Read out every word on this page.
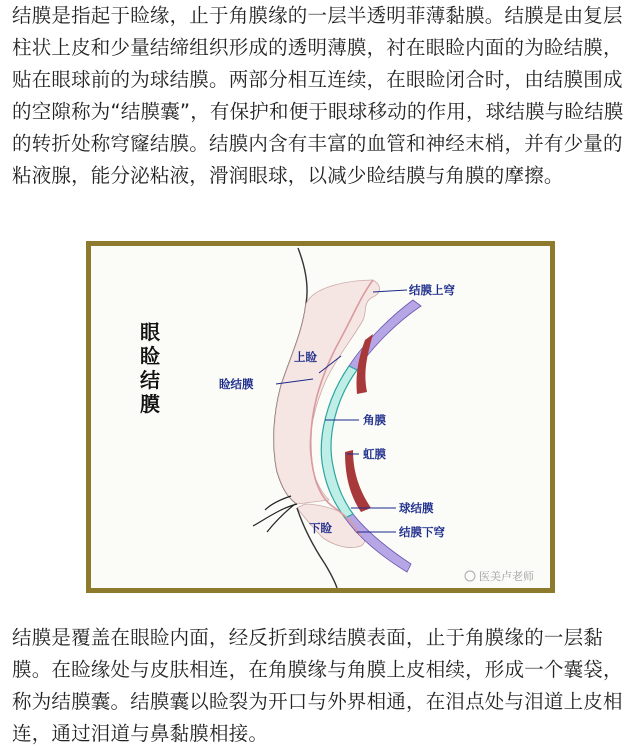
结膜是指起于睑缘，止于角膜缘的一层半透明菲薄黏膜。结膜是由复层柱状上皮和少量结缔组织形成的透明薄膜，衬在眼睑内面的为睑结膜，贴在眼球前的为球结膜。两部分相互连续，在眼睑闭合时，由结膜围成的空隙称为“结膜囊”，有保护和便于眼球移动的作用，球结膜与睑结膜的转折处称穹窿结膜。结膜内含有丰富的血管和神经末梢，并有少量的粘液腺，能分泌粘液，滑润眼球，以减少睑结膜与角膜的摩擦。

眼
睑
结
膜
结膜上穹
上睑
睑结膜
角膜
虹膜
球结膜
下睑	结膜下穹
医美卢老师

结膜是覆盖在眼睑内面，经反折到球结膜表面，止于角膜缘的一层黏膜。在睑缘处与皮肤相连，在角膜缘与角膜上皮相续，形成一个囊袋，称为结膜囊。结膜囊以睑裂为开口与外界相通，在泪点处与泪道上皮相连，通过泪道与鼻黏膜相接。
